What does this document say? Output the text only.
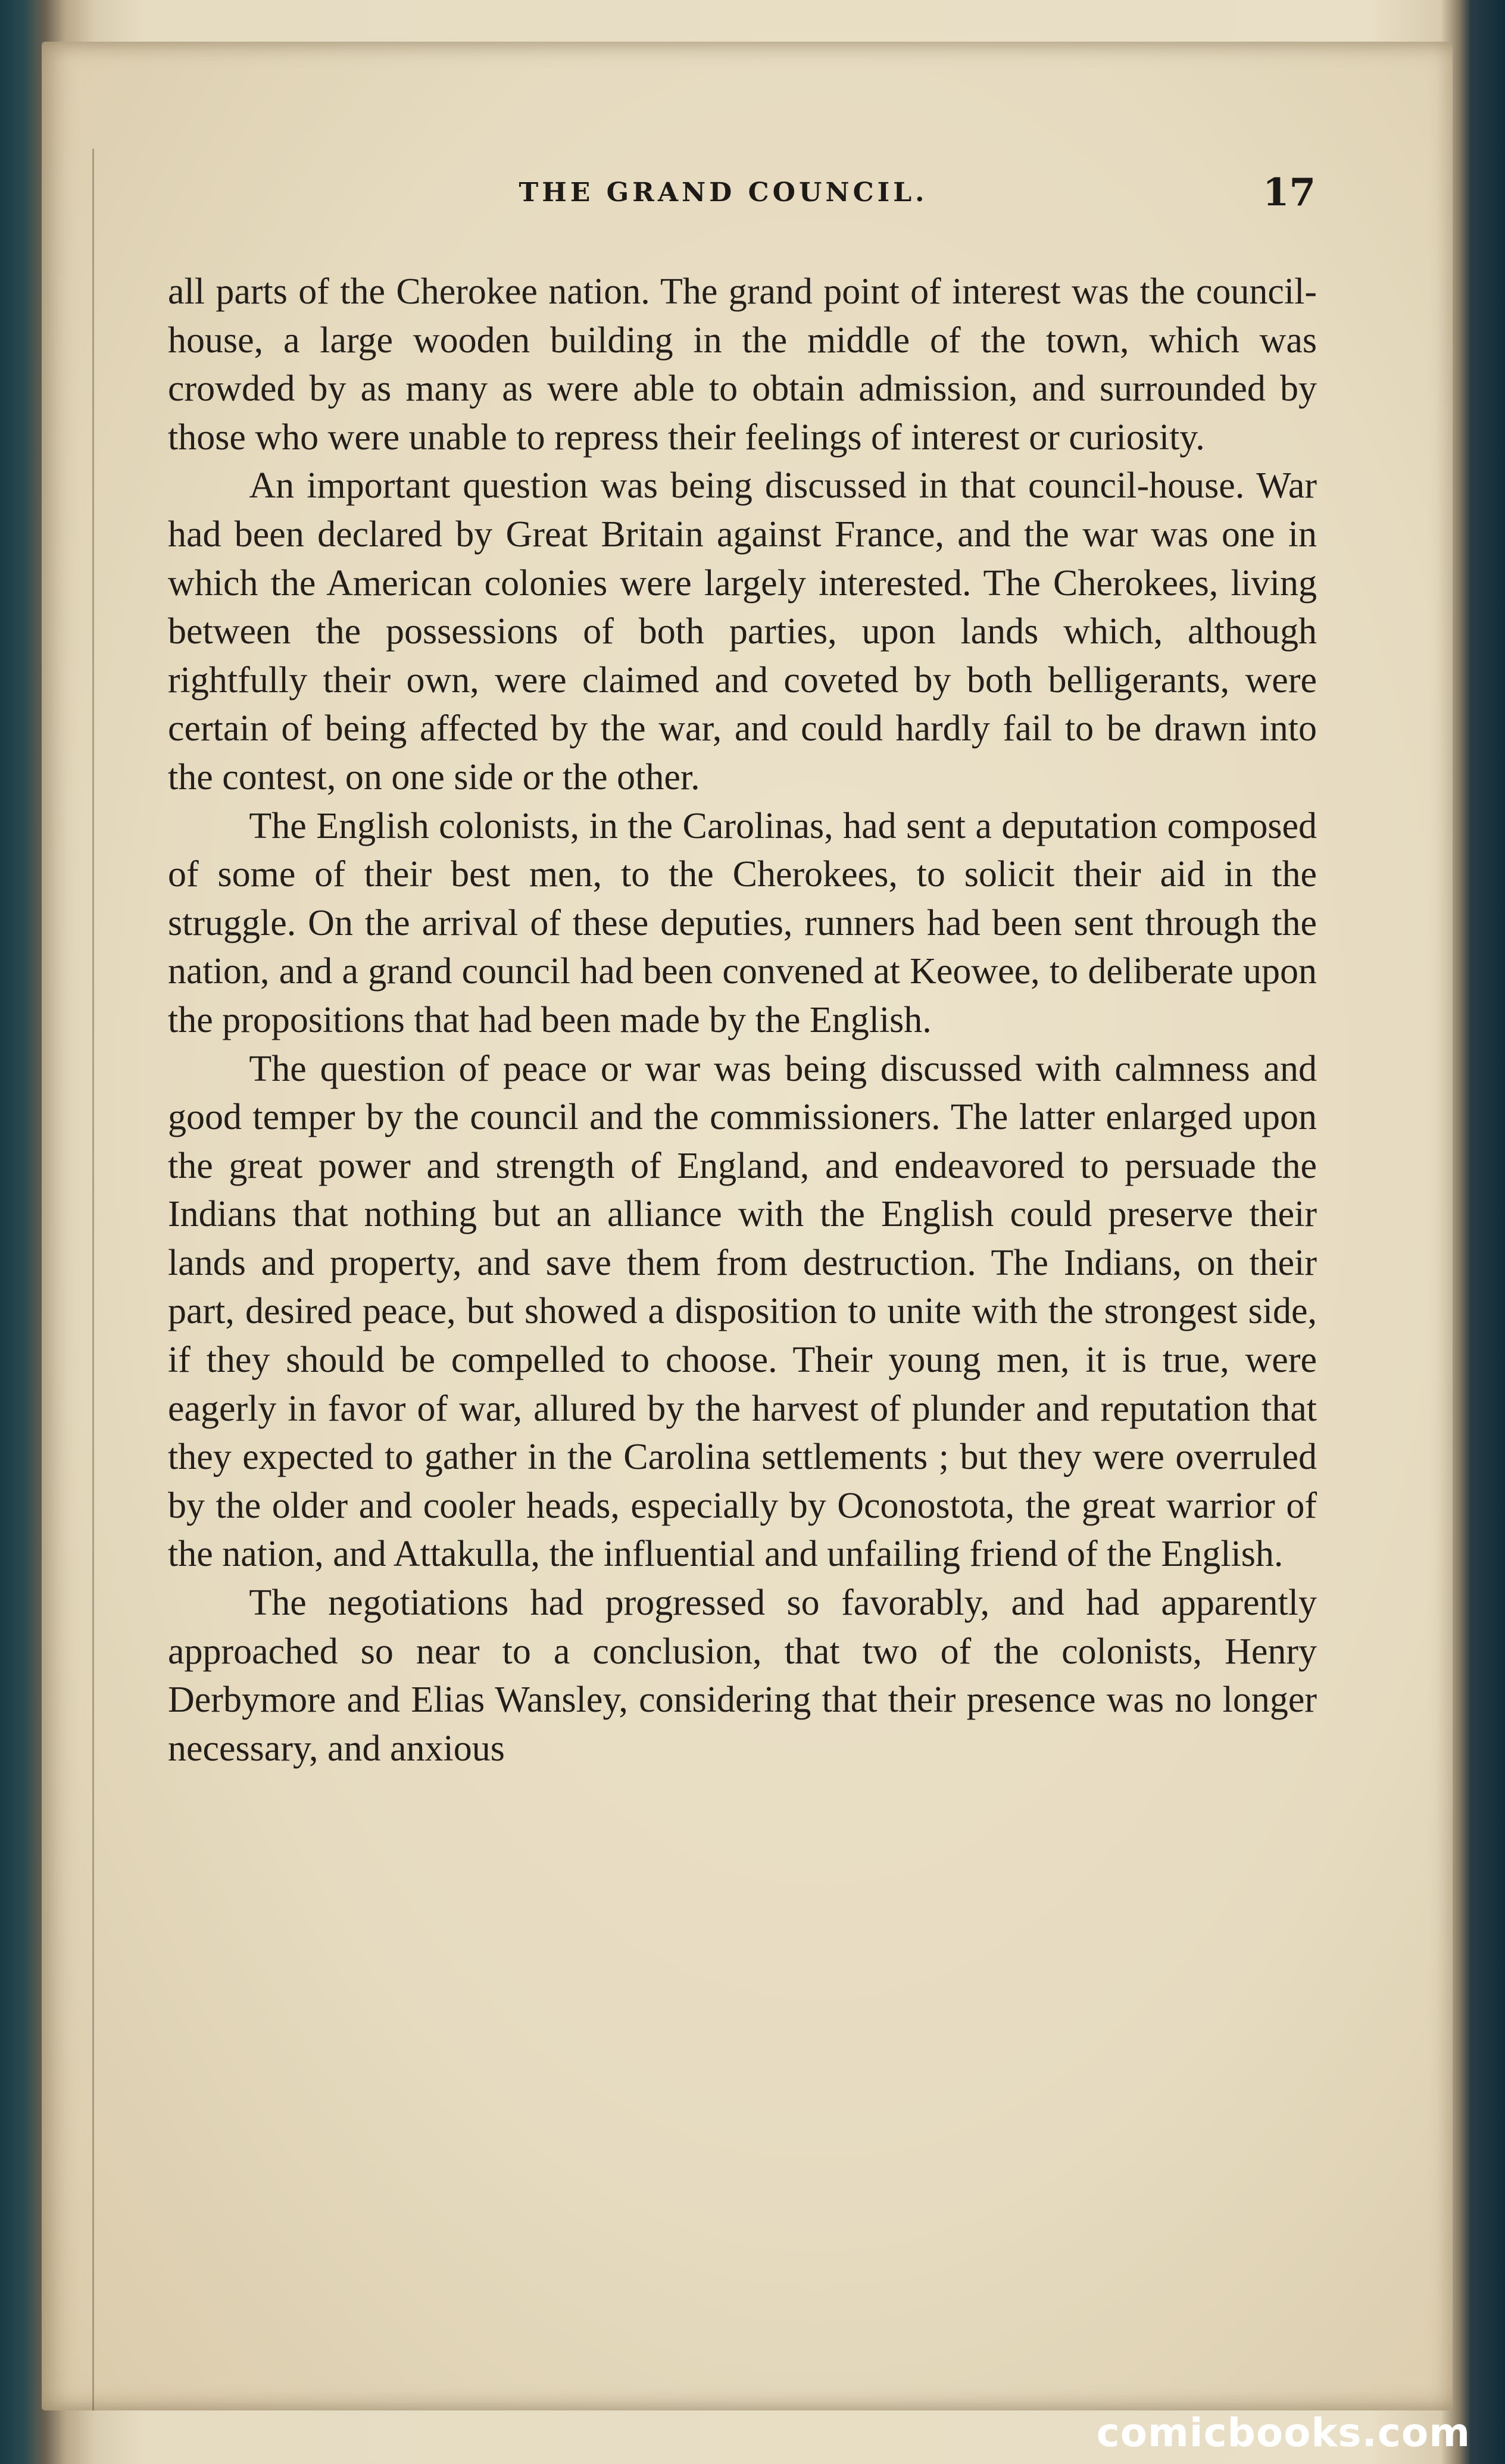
THE GRAND COUNCIL.	17

all parts of the Cherokee nation. The grand point of interest was the council-house, a large wooden building in the middle of the town, which was crowded by as many as were able to obtain admission, and surrounded by those who were unable to repress their feelings of interest or curiosity.

An important question was being discussed in that council-house. War had been declared by Great Britain against France, and the war was one in which the American colonies were largely interested. The Cherokees, living between the possessions of both parties, upon lands which, although rightfully their own, were claimed and coveted by both belligerants, were certain of being affected by the war, and could hardly fail to be drawn into the contest, on one side or the other.

The English colonists, in the Carolinas, had sent a deputation composed of some of their best men, to the Cherokees, to solicit their aid in the struggle. On the arrival of these deputies, runners had been sent through the nation, and a grand council had been convened at Keowee, to deliberate upon the propositions that had been made by the English.

The question of peace or war was being discussed with calmness and good temper by the council and the commissioners. The latter enlarged upon the great power and strength of England, and endeavored to persuade the Indians that nothing but an alliance with the English could preserve their lands and property, and save them from destruction. The Indians, on their part, desired peace, but showed a disposition to unite with the strongest side, if they should be compelled to choose. Their young men, it is true, were eagerly in favor of war, allured by the harvest of plunder and reputation that they expected to gather in the Carolina settlements ; but they were overruled by the older and cooler heads, especially by Oconostota, the great warrior of the nation, and Attakulla, the influential and unfailing friend of the English.

The negotiations had progressed so favorably, and had apparently approached so near to a conclusion, that two of the colonists, Henry Derbymore and Elias Wansley, considering that their presence was no longer necessary, and anxious

comicbooks.com
